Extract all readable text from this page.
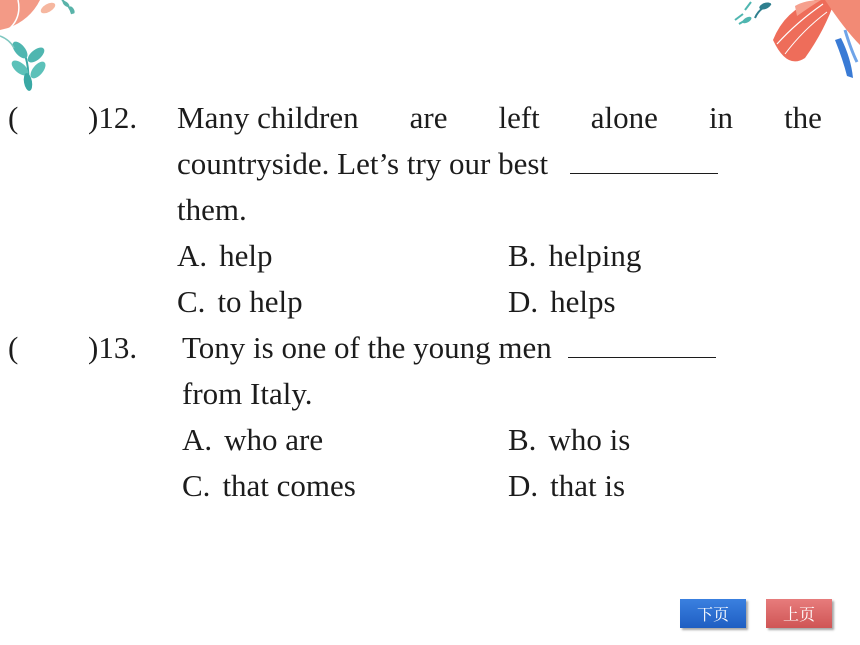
( )12. Many children are left alone in the
countryside. Let’s try our best
them.
A. help	B. helping
C. to help	D. helps
( )13. Tony is one of the young men
from Italy.
A. who are	B. who is
C. that comes	D. that is
下页	上页
